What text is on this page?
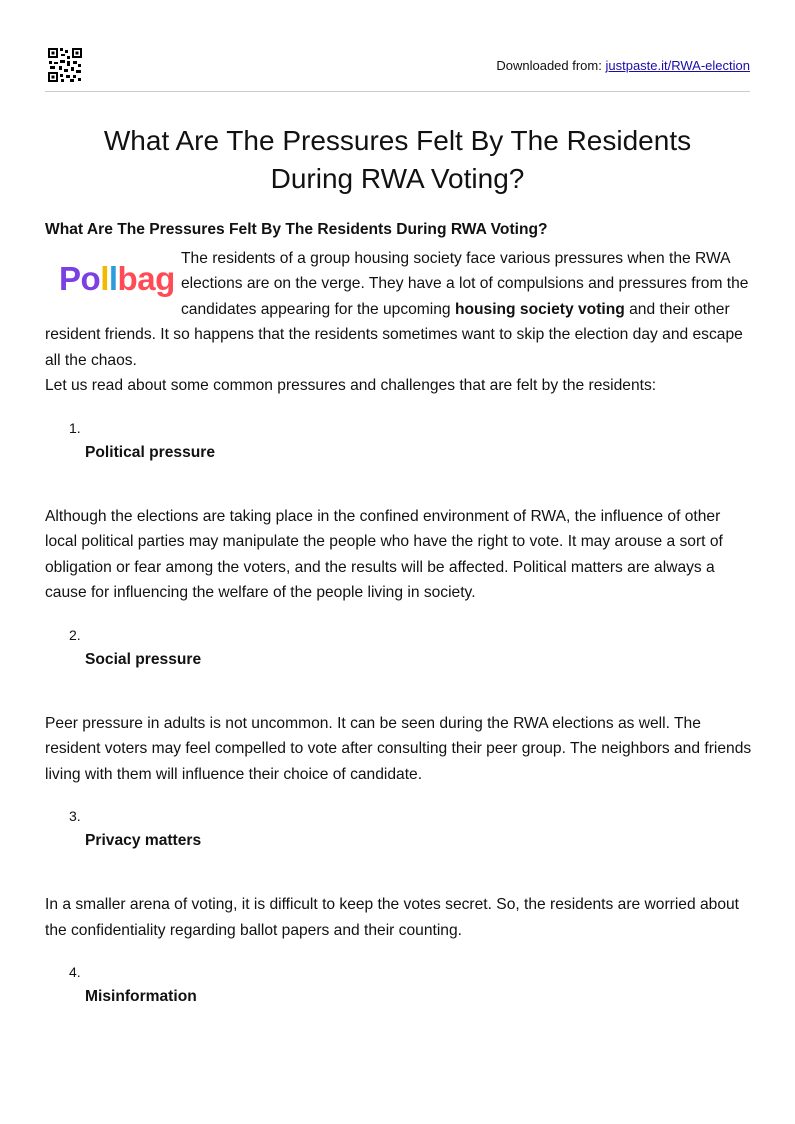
Downloaded from: justpaste.it/RWA-election
What Are The Pressures Felt By The Residents
During RWA Voting?

What Are The Pressures Felt By The Residents During RWA Voting?

Pollbag

The residents of a group housing society face various pressures when the RWA elections are on the verge. They have a lot of compulsions and pressures from the candidates appearing for the upcoming housing society voting and their other resident friends. It so happens that the residents sometimes want to skip the election day and escape all the chaos.

Let us read about some common pressures and challenges that are felt by the residents:

1.
Political pressure

Although the elections are taking place in the confined environment of RWA, the influence of other local political parties may manipulate the people who have the right to vote. It may arouse a sort of obligation or fear among the voters, and the results will be affected. Political matters are always a cause for influencing the welfare of the people living in society.

2.
Social pressure

Peer pressure in adults is not uncommon. It can be seen during the RWA elections as well. The resident voters may feel compelled to vote after consulting their peer group. The neighbors and friends living with them will influence their choice of candidate.

3.
Privacy matters

In a smaller arena of voting, it is difficult to keep the votes secret. So, the residents are worried about the confidentiality regarding ballot papers and their counting.

4.
Misinformation
